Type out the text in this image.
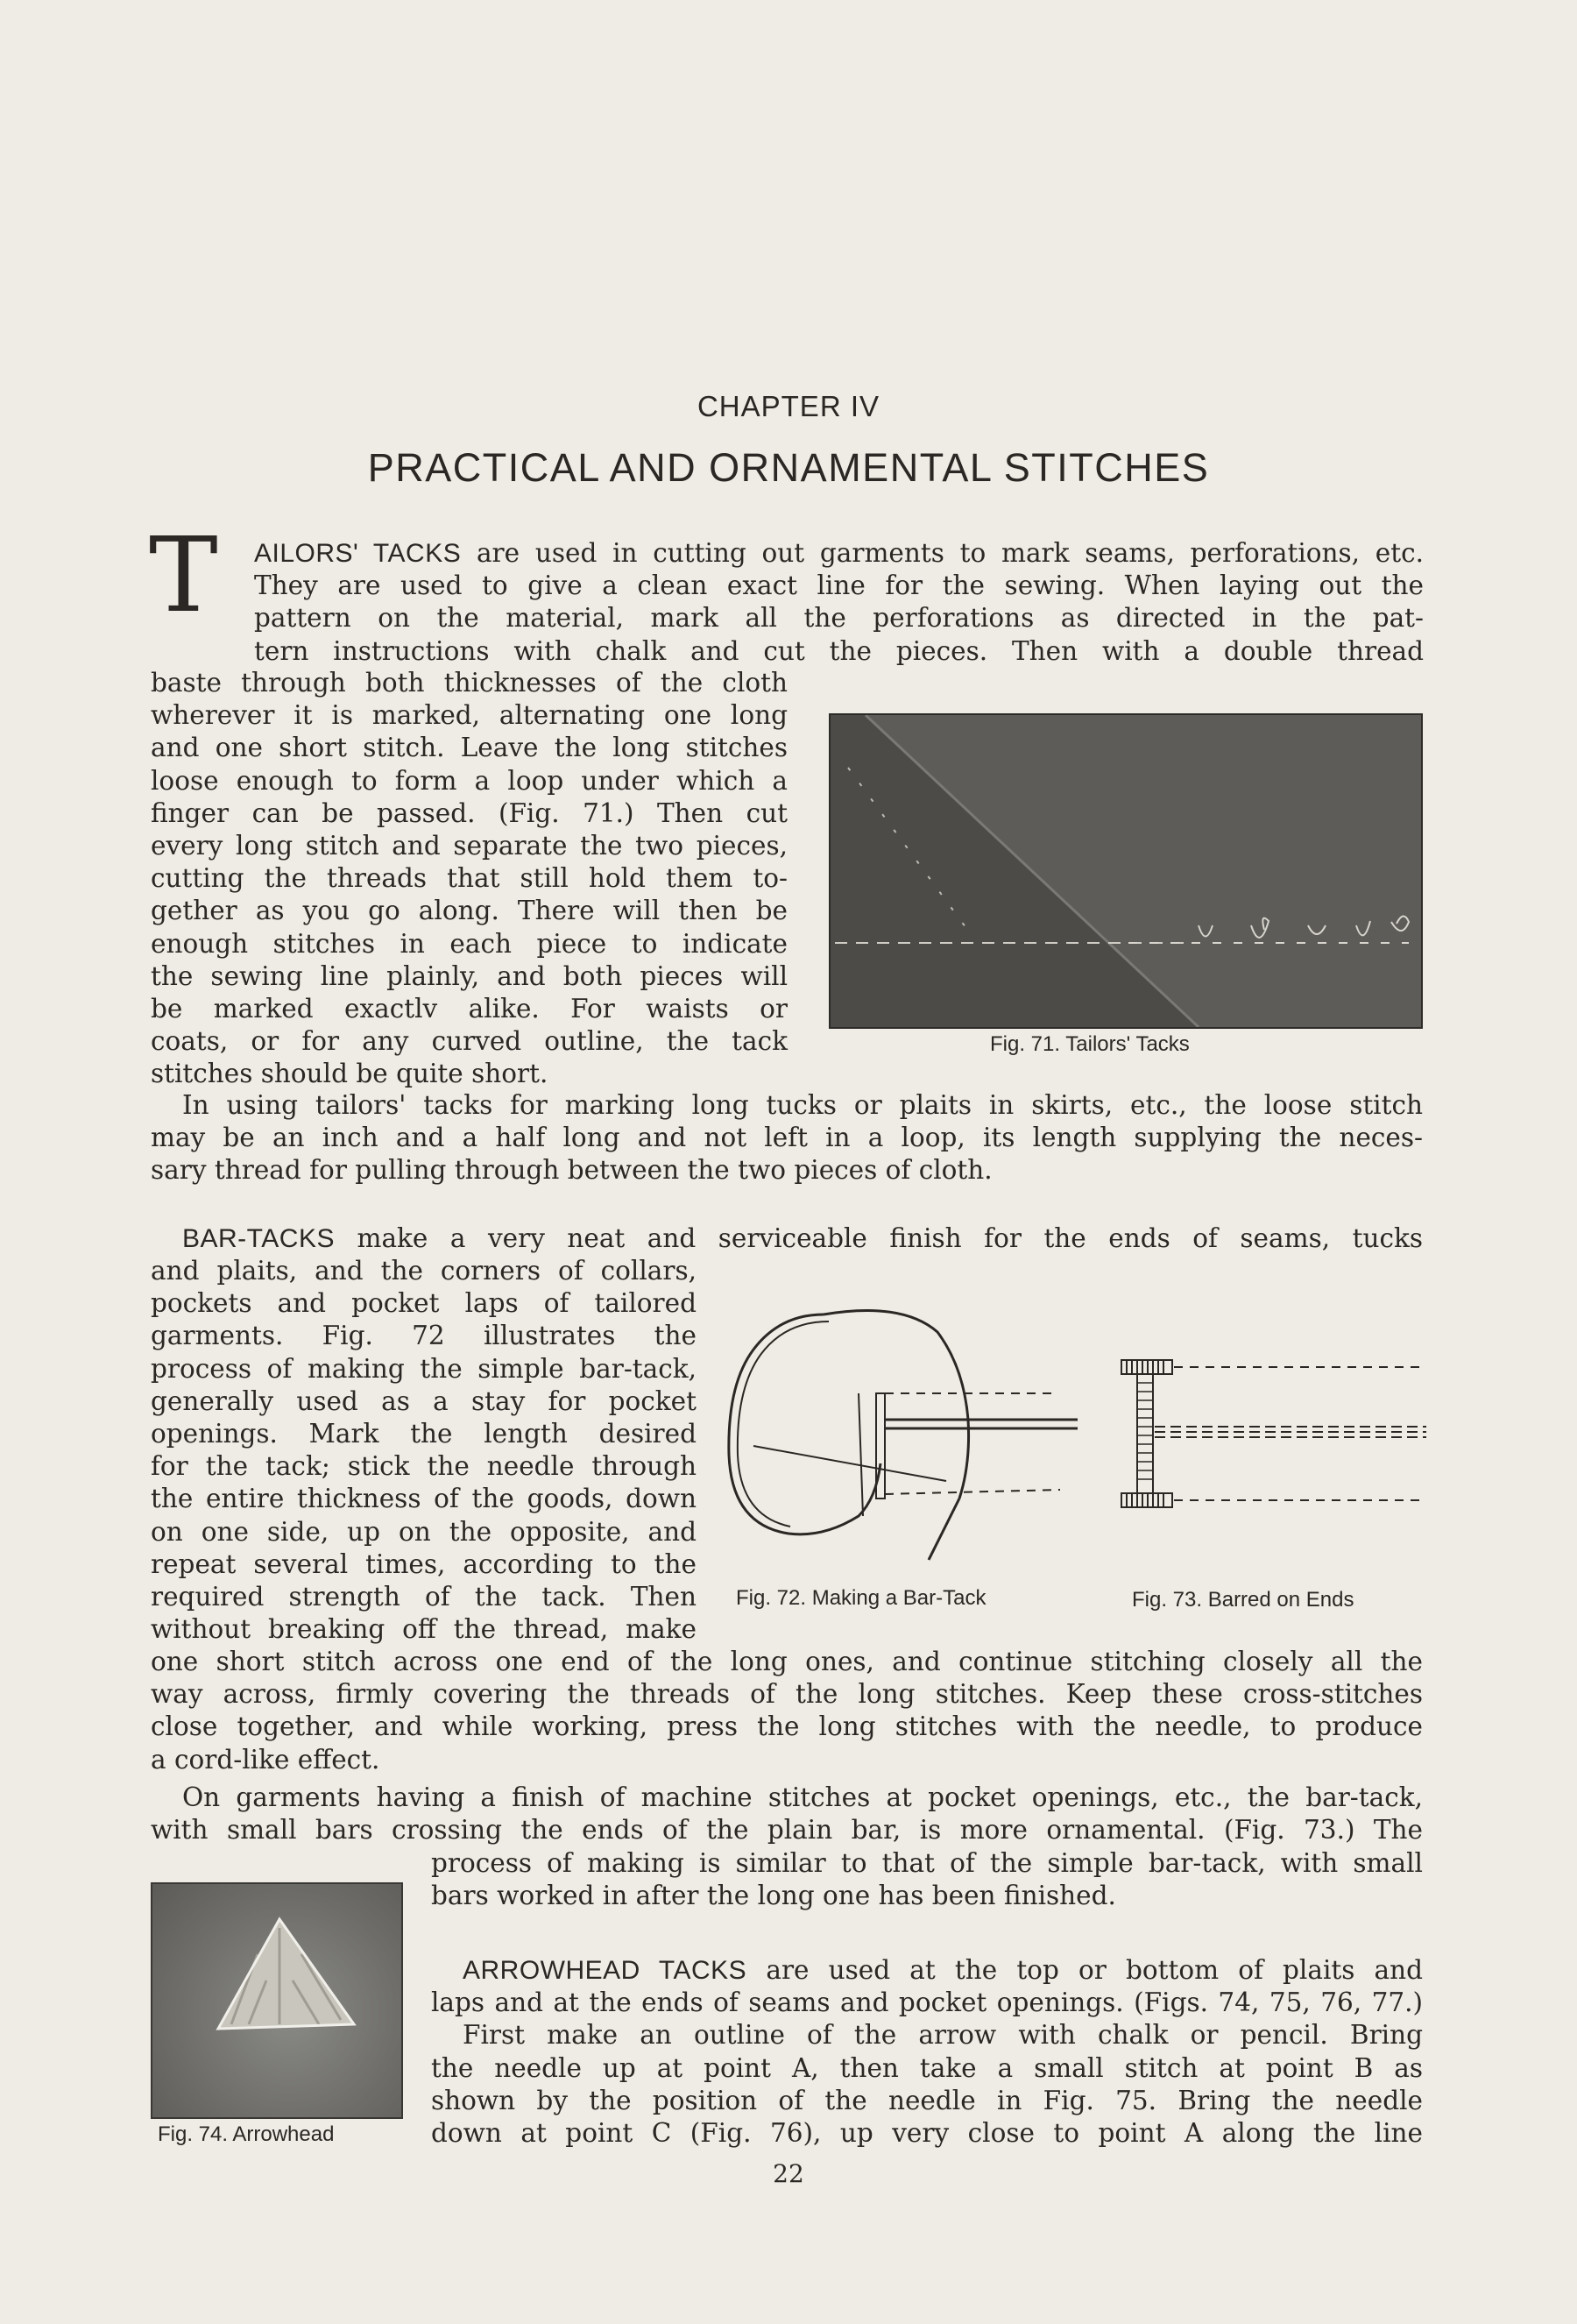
CHAPTER IV
PRACTICAL AND ORNAMENTAL STITCHES
T AILORS' TACKS are used in cutting out garments to mark seams, perforations, etc.
They are used to give a clean exact line for the sewing. When laying out the
pattern on the material, mark all the perforations as directed in the pat-
tern instructions with chalk and cut the pieces. Then with a double thread
baste through both thicknesses of the cloth
wherever it is marked, alternating one long
and one short stitch. Leave the long stitches
loose enough to form a loop under which a
finger can be passed. (Fig. 71.) Then cut
every long stitch and separate the two pieces,
cutting the threads that still hold them to-
gether as you go along. There will then be
enough stitches in each piece to indicate
the sewing line plainly, and both pieces will
be marked exactlv alike. For waists or
coats, or for any curved outline, the tack
stitches should be quite short.
Fig. 71. Tailors' Tacks
In using tailors' tacks for marking long tucks or plaits in skirts, etc., the loose stitch
may be an inch and a half long and not left in a loop, its length supplying the neces-
sary thread for pulling through between the two pieces of cloth.
BAR-TACKS make a very neat and serviceable finish for the ends of seams, tucks
and plaits, and the corners of collars,
pockets and pocket laps of tailored
garments. Fig. 72 illustrates the
process of making the simple bar-tack,
generally used as a stay for pocket
openings. Mark the length desired
for the tack; stick the needle through
the entire thickness of the goods, down
on one side, up on the opposite, and
repeat several times, according to the
required strength of the tack. Then
without breaking off the thread, make
Fig. 72. Making a Bar-Tack	Fig. 73. Barred on Ends
one short stitch across one end of the long ones, and continue stitching closely all the
way across, firmly covering the threads of the long stitches. Keep these cross-stitches
close together, and while working, press the long stitches with the needle, to produce
a cord-like effect.
On garments having a finish of machine stitches at pocket openings, etc., the bar-tack,
with small bars crossing the ends of the plain bar, is more ornamental. (Fig. 73.) The
process of making is similar to that of the simple bar-tack, with small
bars worked in after the long one has been finished.
Fig. 74. Arrowhead
ARROWHEAD TACKS are used at the top or bottom of plaits and
laps and at the ends of seams and pocket openings. (Figs. 74, 75, 76, 77.)
First make an outline of the arrow with chalk or pencil. Bring
the needle up at point A, then take a small stitch at point B as
shown by the position of the needle in Fig. 75. Bring the needle
down at point C (Fig. 76), up very close to point A along the line
22
